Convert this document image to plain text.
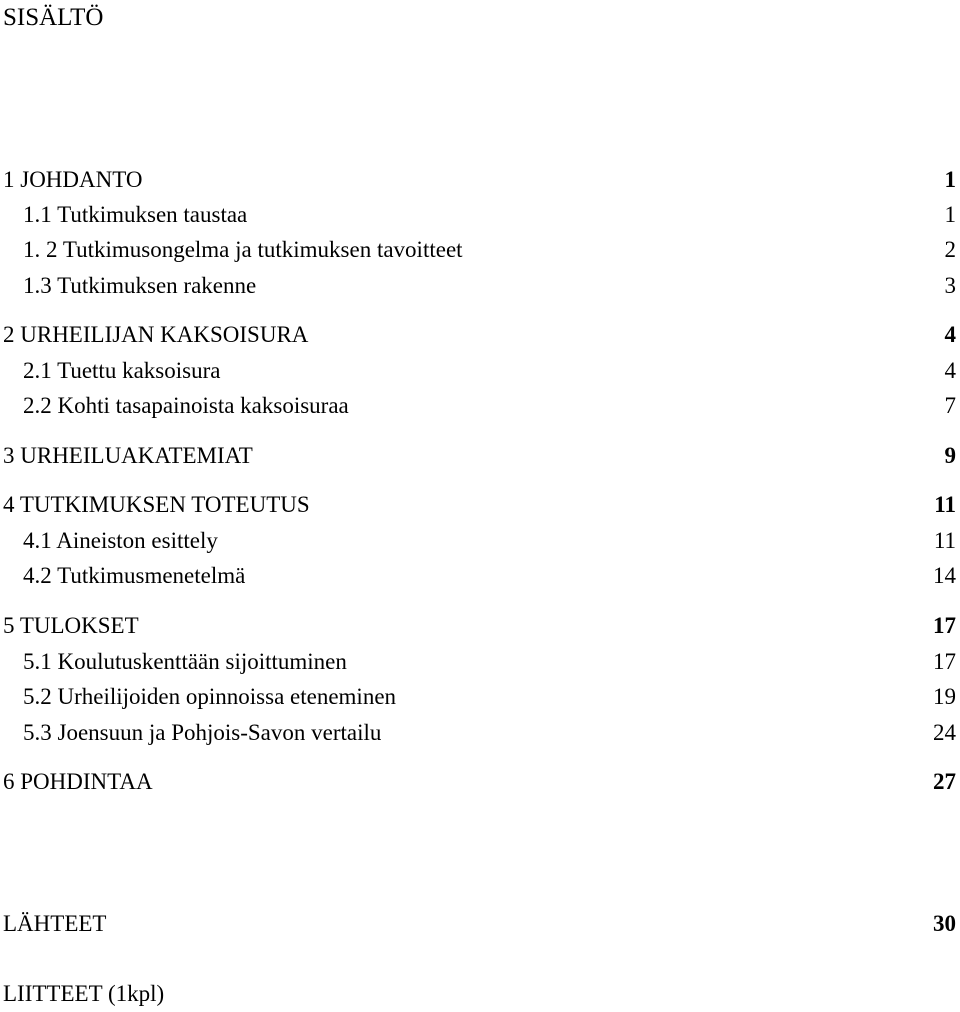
SISÄLTÖ
1 JOHDANTO	1
1.1 Tutkimuksen taustaa	1
1. 2 Tutkimusongelma ja tutkimuksen tavoitteet	2
1.3 Tutkimuksen rakenne	3
2 URHEILIJAN KAKSOISURA	4
2.1 Tuettu kaksoisura	4
2.2 Kohti tasapainoista kaksoisuraa	7
3 URHEILUAKATEMIAT	9
4 TUTKIMUKSEN TOTEUTUS	11
4.1 Aineiston esittely	11
4.2 Tutkimusmenetelmä	14
5 TULOKSET	17
5.1 Koulutuskenttään sijoittuminen	17
5.2 Urheilijoiden opinnoissa eteneminen	19
5.3 Joensuun ja Pohjois-Savon vertailu	24
6 POHDINTAA	27
LÄHTEET	30
LIITTEET (1kpl)
